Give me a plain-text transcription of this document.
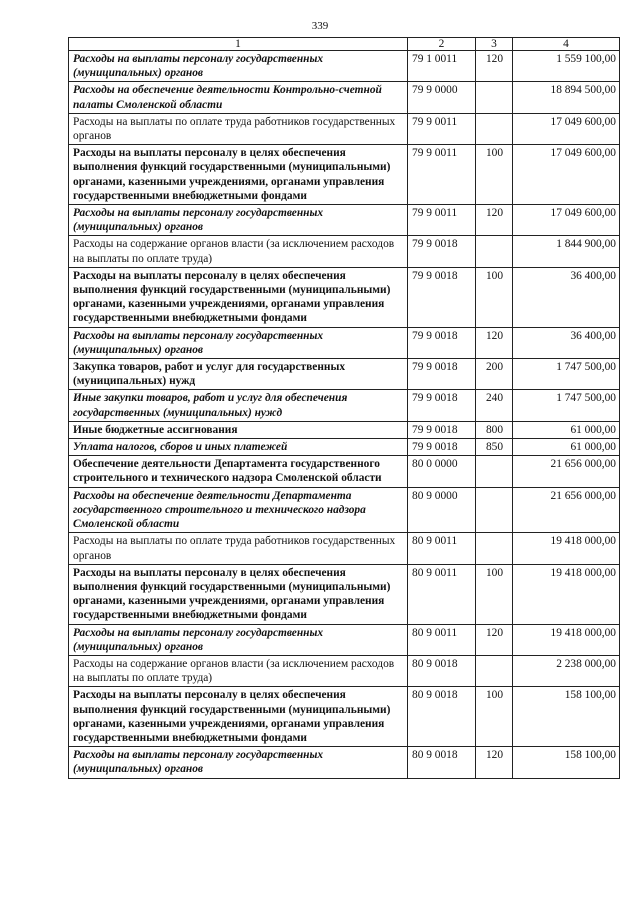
339
1	2	3	4
Расходы на выплаты персоналу государственных (муниципальных) органов	79 1 0011	120	1 559 100,00
Расходы на обеспечение деятельности Контрольно-счетной палаты Смоленской области	79 9 0000		18 894 500,00
Расходы на выплаты по оплате труда работников государственных органов	79 9 0011		17 049 600,00
Расходы на выплаты персоналу в целях обеспечения выполнения функций государственными (муниципальными) органами, казенными учреждениями, органами управления государственными внебюджетными фондами	79 9 0011	100	17 049 600,00
Расходы на выплаты персоналу государственных (муниципальных) органов	79 9 0011	120	17 049 600,00
Расходы на содержание органов власти (за исключением расходов на выплаты по оплате труда)	79 9 0018		1 844 900,00
Расходы на выплаты персоналу в целях обеспечения выполнения функций государственными (муниципальными) органами, казенными учреждениями, органами управления государственными внебюджетными фондами	79 9 0018	100	36 400,00
Расходы на выплаты персоналу государственных (муниципальных) органов	79 9 0018	120	36 400,00
Закупка товаров, работ и услуг для государственных (муниципальных) нужд	79 9 0018	200	1 747 500,00
Иные закупки товаров, работ и услуг для обеспечения государственных (муниципальных) нужд	79 9 0018	240	1 747 500,00
Иные бюджетные ассигнования	79 9 0018	800	61 000,00
Уплата налогов, сборов и иных платежей	79 9 0018	850	61 000,00
Обеспечение деятельности Департамента государственного строительного и технического надзора Смоленской области	80 0 0000		21 656 000,00
Расходы на обеспечение деятельности Департамента государственного строительного и технического надзора Смоленской области	80 9 0000		21 656 000,00
Расходы на выплаты по оплате труда работников государственных органов	80 9 0011		19 418 000,00
Расходы на выплаты персоналу в целях обеспечения выполнения функций государственными (муниципальными) органами, казенными учреждениями, органами управления государственными внебюджетными фондами	80 9 0011	100	19 418 000,00
Расходы на выплаты персоналу государственных (муниципальных) органов	80 9 0011	120	19 418 000,00
Расходы на содержание органов власти (за исключением расходов на выплаты по оплате труда)	80 9 0018		2 238 000,00
Расходы на выплаты персоналу в целях обеспечения выполнения функций государственными (муниципальными) органами, казенными учреждениями, органами управления государственными внебюджетными фондами	80 9 0018	100	158 100,00
Расходы на выплаты персоналу государственных (муниципальных) органов	80 9 0018	120	158 100,00
